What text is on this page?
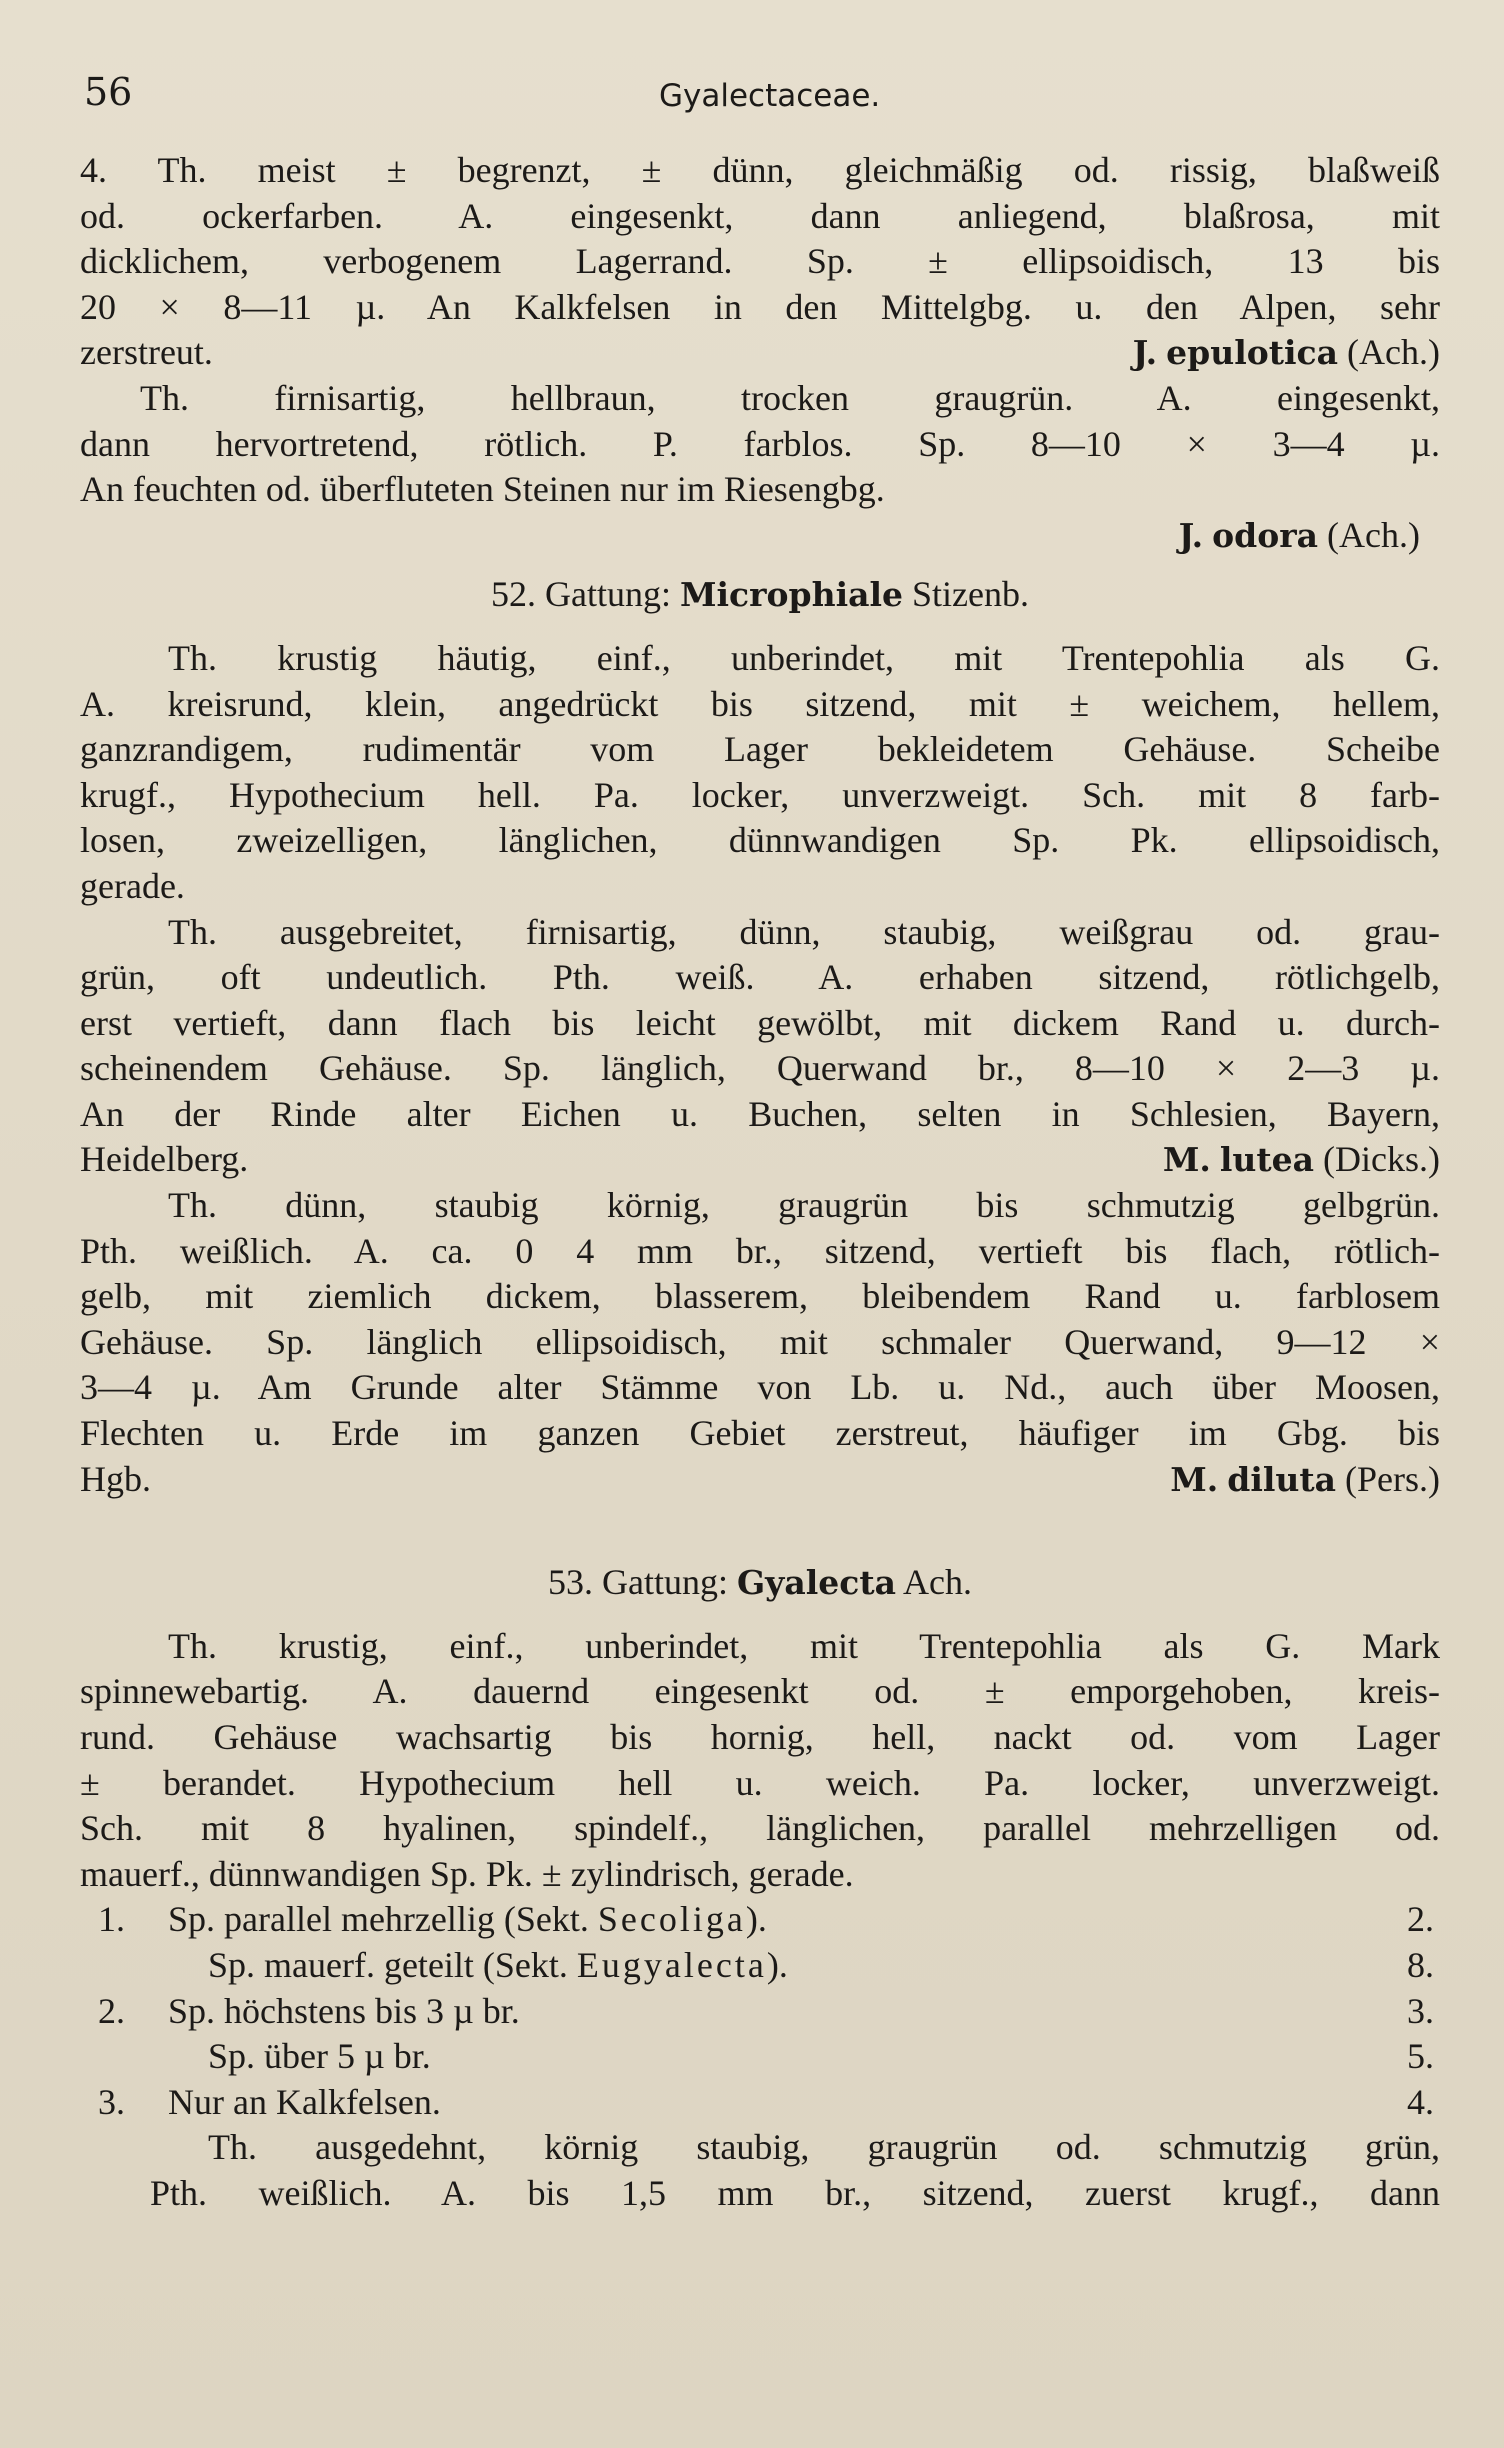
56	Gyalectaceae.
4. Th. meist ± begrenzt, ± dünn, gleichmäßig od. rissig, blaßweiß
od. ockerfarben. A. eingesenkt, dann anliegend, blaßrosa, mit
dicklichem, verbogenem Lagerrand. Sp. ± ellipsoidisch, 13 bis
20 × 8—11 µ. An Kalkfelsen in den Mittelgbg. u. den Alpen, sehr
zerstreut.	J. epulotica (Ach.)
Th. firnisartig, hellbraun, trocken graugrün. A. eingesenkt,
dann hervortretend, rötlich. P. farblos. Sp. 8—10 × 3—4 µ.
An feuchten od. überfluteten Steinen nur im Riesengbg.
J. odora (Ach.)
52. Gattung: Microphiale Stizenb.
Th. krustig häutig, einf., unberindet, mit Trentepohlia als G.
A. kreisrund, klein, angedrückt bis sitzend, mit ± weichem, hellem,
ganzrandigem, rudimentär vom Lager bekleidetem Gehäuse. Scheibe
krugf., Hypothecium hell. Pa. locker, unverzweigt. Sch. mit 8 farb-
losen, zweizelligen, länglichen, dünnwandigen Sp. Pk. ellipsoidisch,
gerade.
Th. ausgebreitet, firnisartig, dünn, staubig, weißgrau od. grau-
grün, oft undeutlich. Pth. weiß. A. erhaben sitzend, rötlichgelb,
erst vertieft, dann flach bis leicht gewölbt, mit dickem Rand u. durch-
scheinendem Gehäuse. Sp. länglich, Querwand br., 8—10 × 2—3 µ.
An der Rinde alter Eichen u. Buchen, selten in Schlesien, Bayern,
Heidelberg.	M. lutea (Dicks.)
Th. dünn, staubig körnig, graugrün bis schmutzig gelbgrün.
Pth. weißlich. A. ca. 0 4 mm br., sitzend, vertieft bis flach, rötlich-
gelb, mit ziemlich dickem, blasserem, bleibendem Rand u. farblosem
Gehäuse. Sp. länglich ellipsoidisch, mit schmaler Querwand, 9—12 ×
3—4 µ. Am Grunde alter Stämme von Lb. u. Nd., auch über Moosen,
Flechten u. Erde im ganzen Gebiet zerstreut, häufiger im Gbg. bis
Hgb.	M. diluta (Pers.)
53. Gattung: Gyalecta Ach.
Th. krustig, einf., unberindet, mit Trentepohlia als G. Mark
spinnewebartig. A. dauernd eingesenkt od. ± emporgehoben, kreis-
rund. Gehäuse wachsartig bis hornig, hell, nackt od. vom Lager
± berandet. Hypothecium hell u. weich. Pa. locker, unverzweigt.
Sch. mit 8 hyalinen, spindelf., länglichen, parallel mehrzelligen od.
mauerf., dünnwandigen Sp. Pk. ± zylindrisch, gerade.
1. Sp. parallel mehrzellig (Sekt. Secoliga).	2.
Sp. mauerf. geteilt (Sekt. Eugyalecta).	8.
2. Sp. höchstens bis 3 µ br.	3.
Sp. über 5 µ br.	5.
3. Nur an Kalkfelsen.	4.
Th. ausgedehnt, körnig staubig, graugrün od. schmutzig grün,
Pth. weißlich. A. bis 1,5 mm br., sitzend, zuerst krugf., dann
